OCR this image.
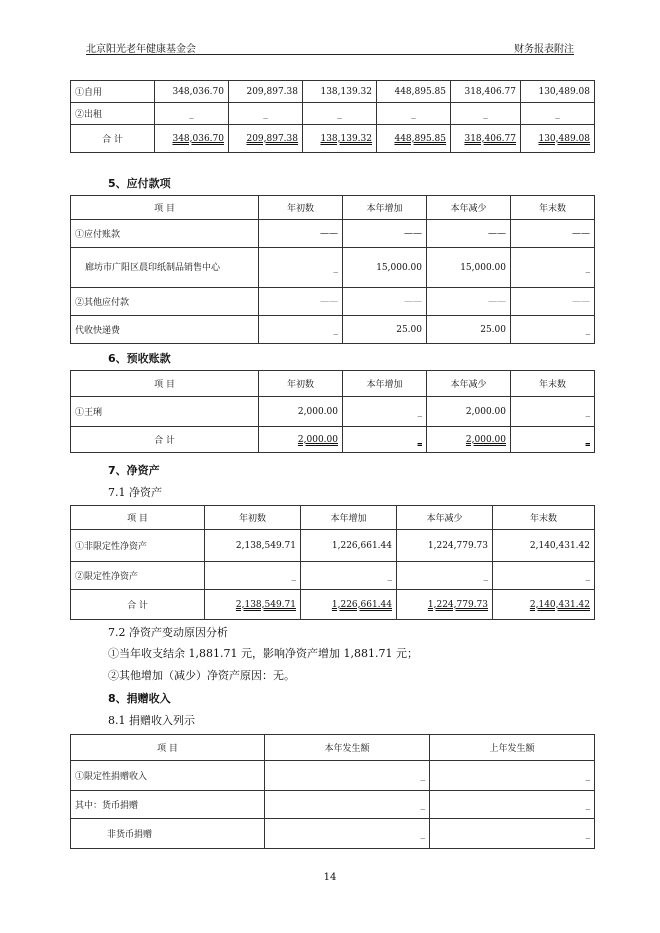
北京阳光老年健康基金会	财务报表附注
①自用	348,036.70	209,897.38	138,139.32	448,895.85	318,406.77	130,489.08
②出租	_	_	_	_	_	_
合 计	348,036.70	209,897.38	138,139.32	448,895.85	318,406.77	130,489.08
5、应付款项
项 目	年初数	本年增加	本年减少	年末数
①应付账款	——	——	——	——
廊坊市广阳区晨印纸制品销售中心	_	15,000.00	15,000.00	_
②其他应付款	——	——	——	——
代收快递费	_	25.00	25.00	_
6、预收账款
项 目	年初数	本年增加	本年减少	年末数
①王琍	2,000.00	_	2,000.00	_
合 计	2,000.00	_	2,000.00	_
7、净资产
7.1 净资产
项 目	年初数	本年增加	本年减少	年末数
①非限定性净资产	2,138,549.71	1,226,661.44	1,224,779.73	2,140,431.42
②限定性净资产	_	_	_	_
合 计	2,138,549.71	1,226,661.44	1,224,779.73	2,140,431.42
7.2 净资产变动原因分析
①当年收支结余 1,881.71 元，影响净资产增加 1,881.71 元；
②其他增加（减少）净资产原因：无。
8、捐赠收入
8.1 捐赠收入列示
项 目	本年发生额	上年发生额
①限定性捐赠收入	_	_
其中：货币捐赠	_	_
非货币捐赠	_	_
14
